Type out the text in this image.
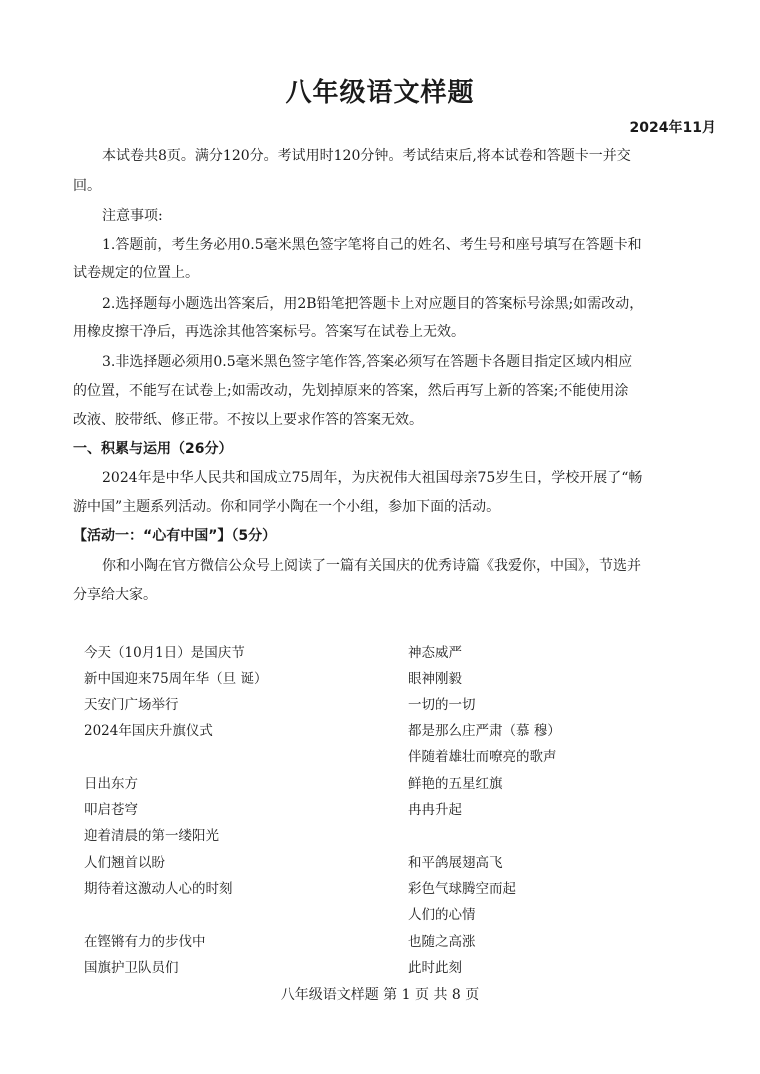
八年级语文样题
2024年11月
本试卷共8页。满分120分。考试用时120分钟。考试结束后,将本试卷和答题卡一并交
回。
注意事项:
1.答题前，考生务必用0.5毫米黑色签字笔将自己的姓名、考生号和座号填写在答题卡和
试卷规定的位置上。
2.选择题每小题选出答案后，用2B铅笔把答题卡上对应题目的答案标号涂黑;如需改动，
用橡皮擦干净后，再选涂其他答案标号。答案写在试卷上无效。
3.非选择题必须用0.5毫米黑色签字笔作答,答案必须写在答题卡各题目指定区域内相应
的位置，不能写在试卷上;如需改动，先划掉原来的答案，然后再写上新的答案;不能使用涂
改液、胶带纸、修正带。不按以上要求作答的答案无效。
一、积累与运用（26分）
2024年是中华人民共和国成立75周年，为庆祝伟大祖国母亲75岁生日，学校开展了“畅
游中国”主题系列活动。你和同学小陶在一个小组，参加下面的活动。
【活动一：“心有中国”】（5分）
你和小陶在官方微信公众号上阅读了一篇有关国庆的优秀诗篇《我爱你，中国》，节选并
分享给大家。
今天（10月1日）是国庆节
新中国迎来75周年华（旦 诞）
天安门广场举行
2024年国庆升旗仪式
日出东方
叩启苍穹
迎着清晨的第一缕阳光
人们翘首以盼
期待着这激动人心的时刻
在铿锵有力的步伐中
国旗护卫队员们
神态威严
眼神刚毅
一切的一切
都是那么庄严肃（慕 穆）
伴随着雄壮而嘹亮的歌声
鲜艳的五星红旗
冉冉升起
和平鸽展翅高飞
彩色气球腾空而起
人们的心情
也随之高涨
此时此刻
八年级语文样题 第 1 页 共 8 页
